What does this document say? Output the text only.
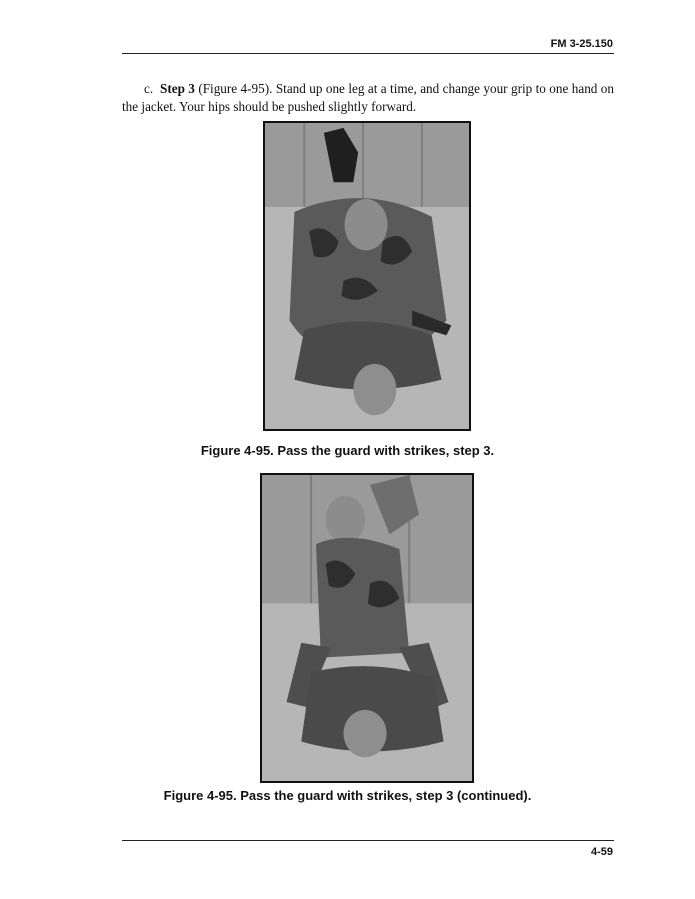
FM 3-25.150

c. Step 3 (Figure 4-95). Stand up one leg at a time, and change your grip to one hand on the jacket. Your hips should be pushed slightly forward.

Figure 4-95. Pass the guard with strikes, step 3.
Figure 4-95. Pass the guard with strikes, step 3 (continued).
4-59
